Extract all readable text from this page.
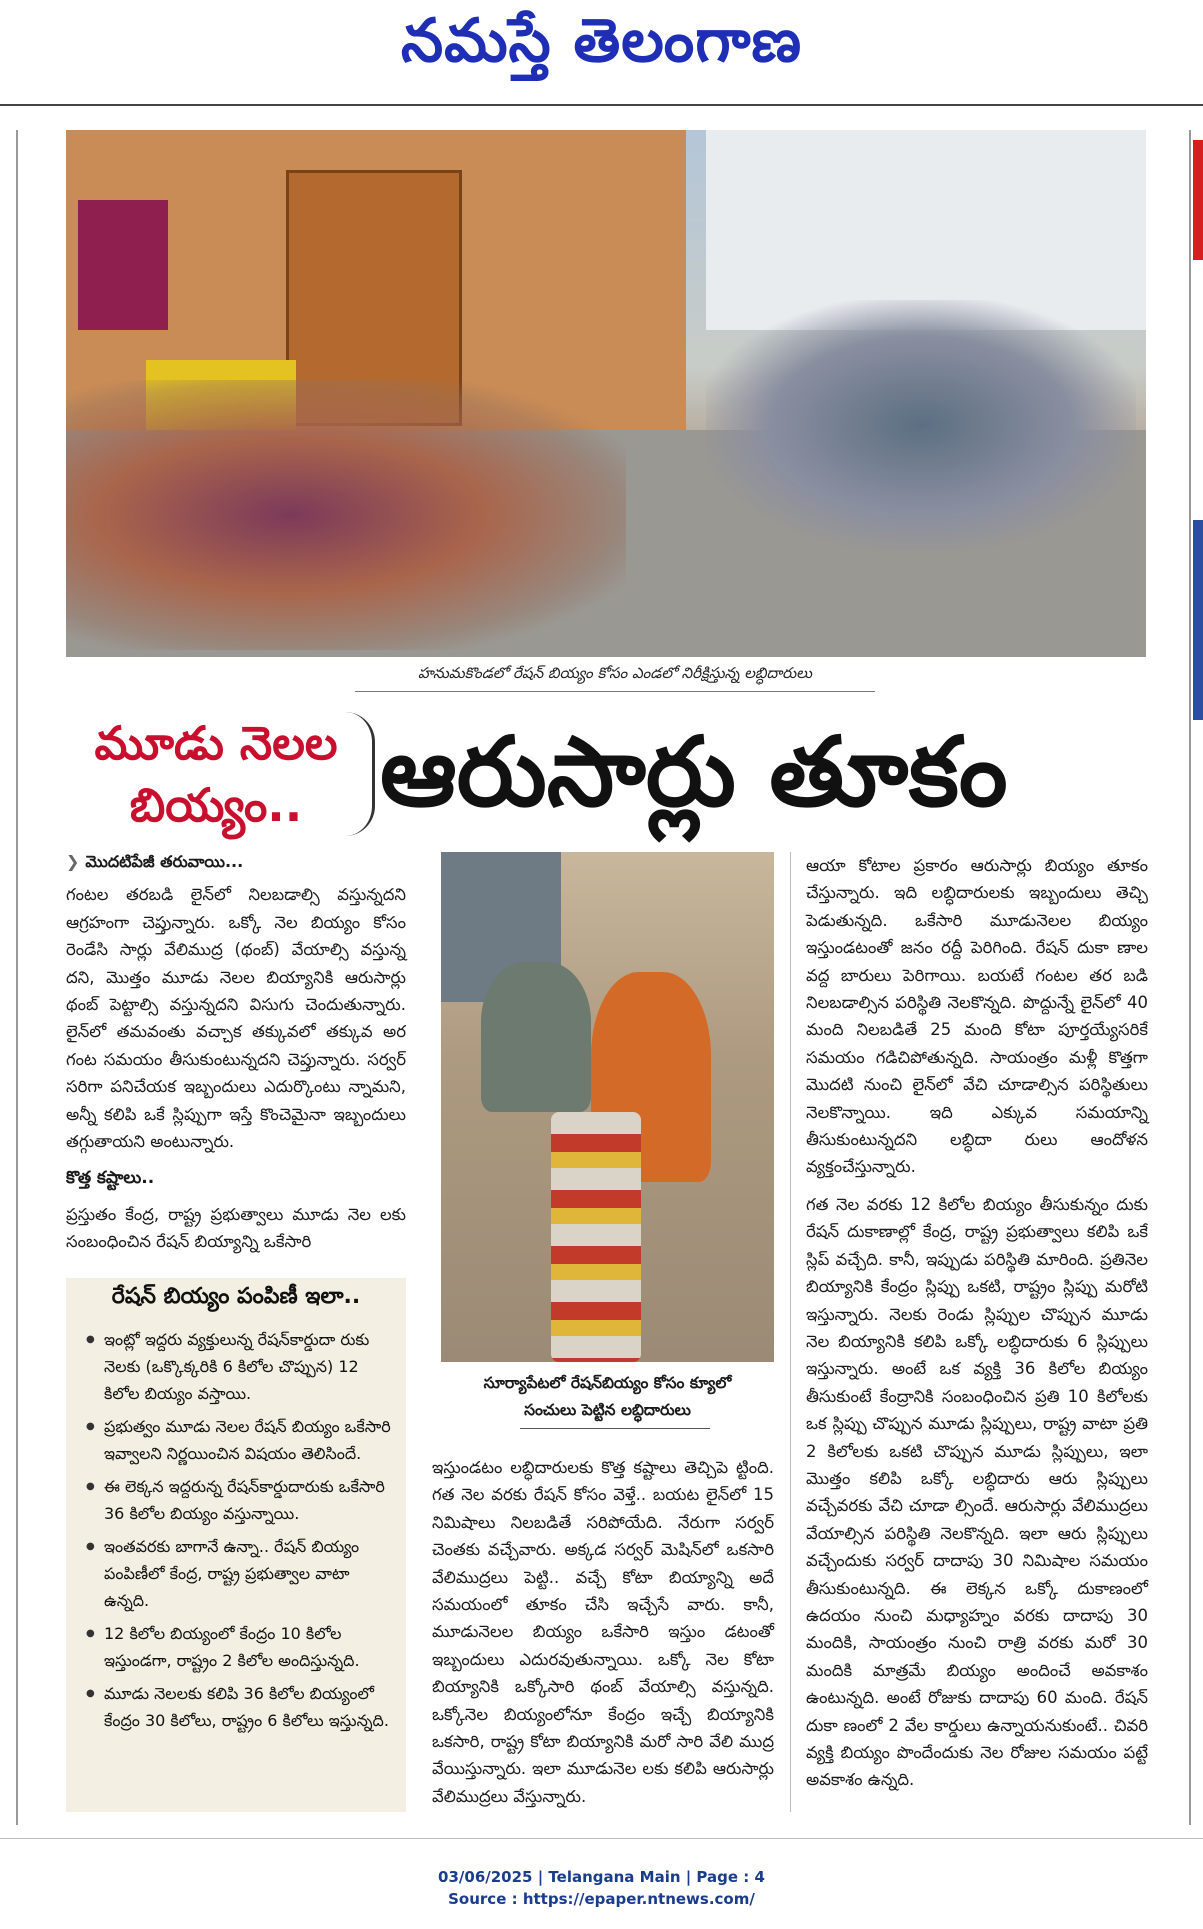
నమస్తే తెలంగాణ
హనుమకొండలో రేషన్‌ బియ్యం కోసం ఎండలో నిరీక్షిస్తున్న లబ్ధిదారులు
మూడు నెలల
బియ్యం.. ఆరుసార్లు తూకం
❯ మొదటిపేజీ తరువాయి...

గంటల తరబడి లైన్‌లో నిలబడాల్సి వస్తున్నదని ఆగ్రహంగా చెప్తున్నారు. ఒక్కో నెల బియ్యం కోసం రెండేసి సార్లు వేలిముద్ర (థంబ్‌) వేయాల్సి వస్తున్న దని, మొత్తం మూడు నెలల బియ్యానికి ఆరుసార్లు థంబ్‌ పెట్టాల్సి వస్తున్నదని విసుగు చెందుతున్నారు. లైన్‌లో తమవంతు వచ్చాక తక్కువలో తక్కువ అర గంట సమయం తీసుకుంటున్నదని చెప్తున్నారు. సర్వర్‌ సరిగా పనిచేయక ఇబ్బందులు ఎదుర్కొంటు న్నామని, అన్నీ కలిపి ఒకే స్లిప్పుగా ఇస్తే కొంచెమైనా ఇబ్బందులు తగ్గుతాయని అంటున్నారు.

కొత్త కష్టాలు..

ప్రస్తుతం కేంద్ర, రాష్ట్ర ప్రభుత్వాలు మూడు నెల లకు సంబంధించిన రేషన్‌ బియ్యాన్ని ఒకేసారి

రేషన్‌ బియ్యం పంపిణీ ఇలా..
● ఇంట్లో ఇద్దరు వ్యక్తులున్న రేషన్‌కార్డుదా రుకు నెలకు (ఒక్కొక్కరికి 6 కిలోల చొప్పున) 12 కిలోల బియ్యం వస్తాయి.
● ప్రభుత్వం మూడు నెలల రేషన్‌ బియ్యం ఒకేసారి ఇవ్వాలని నిర్ణయించిన విషయం తెలిసిందే.
● ఈ లెక్కన ఇద్దరున్న రేషన్‌కార్డుదారుకు ఒకేసారి 36 కిలోల బియ్యం వస్తున్నాయి.
● ఇంతవరకు బాగానే ఉన్నా.. రేషన్‌ బియ్యం పంపిణీలో కేంద్ర, రాష్ట్ర ప్రభుత్వాల వాటా ఉన్నది.
● 12 కిలోల బియ్యంలో కేంద్రం 10 కిలోల ఇస్తుండగా, రాష్ట్రం 2 కిలోల అందిస్తున్నది.
● మూడు నెలలకు కలిపి 36 కిలోల బియ్యంలో కేంద్రం 30 కిలోలు, రాష్ట్రం 6 కిలోలు ఇస్తున్నది.
సూర్యాపేటలో రేషన్‌బియ్యం కోసం క్యూలో
సంచులు పెట్టిన లబ్ధిదారులు

ఇస్తుండటం లబ్ధిదారులకు కొత్త కష్టాలు తెచ్చిపె ట్టింది. గత నెల వరకు రేషన్‌ కోసం వెళ్తే.. బయట లైన్‌లో 15 నిమిషాలు నిలబడితే సరిపోయేది. నేరుగా సర్వర్‌ చెంతకు వచ్చేవారు. అక్కడ సర్వర్‌ మెషిన్‌లో ఒకసారి వేలిముద్రలు పెట్టి.. వచ్చే కోటా బియ్యాన్ని అదే సమయంలో తూకం చేసి ఇచ్చేసే వారు. కానీ, మూడునెలల బియ్యం ఒకేసారి ఇస్తుం డటంతో ఇబ్బందులు ఎదురవుతున్నాయి. ఒక్కో నెల కోటా బియ్యానికి ఒక్కోసారి థంబ్‌ వేయాల్సి వస్తున్నది. ఒక్కోనెల బియ్యంలోనూ కేంద్రం ఇచ్చే బియ్యానికి ఒకసారి, రాష్ట్ర కోటా బియ్యానికి మరో సారి వేలి ముద్ర వేయిస్తున్నారు. ఇలా మూడునెల లకు కలిపి ఆరుసార్లు వేలిముద్రలు వేస్తున్నారు.

ఆయా కోటాల ప్రకారం ఆరుసార్లు బియ్యం తూకం చేస్తున్నారు. ఇది లబ్ధిదారులకు ఇబ్బందులు తెచ్చి పెడుతున్నది. ఒకేసారి మూడునెలల బియ్యం ఇస్తుండటంతో జనం రద్దీ పెరిగింది. రేషన్‌ దుకా ణాల వద్ద బారులు పెరిగాయి. బయటే గంటల తర బడి నిలబడాల్సిన పరిస్థితి నెలకొన్నది. పొద్దున్నే లైన్‌లో 40 మంది నిలబడితే 25 మంది కోటా పూర్తయ్యేసరికే సమయం గడిచిపోతున్నది. సాయంత్రం మళ్లీ కొత్తగా మొదటి నుంచి లైన్‌లో వేచి చూడాల్సిన పరిస్థితులు నెలకొన్నాయి. ఇది ఎక్కువ సమయాన్ని తీసుకుంటున్నదని లబ్ధిదా రులు ఆందోళన వ్యక్తంచేస్తున్నారు.

గత నెల వరకు 12 కిలోల బియ్యం తీసుకున్నం దుకు రేషన్‌ దుకాణాల్లో కేంద్ర, రాష్ట్ర ప్రభుత్వాలు కలిపి ఒకే స్లిప్‌ వచ్చేది. కానీ, ఇప్పుడు పరిస్థితి మారింది. ప్రతినెల బియ్యానికి కేంద్రం స్లిప్పు ఒకటి, రాష్ట్రం స్లిప్పు మరోటి ఇస్తున్నారు. నెలకు రెండు స్లిప్పుల చొప్పున మూడు నెల బియ్యానికి కలిపి ఒక్కో లబ్ధిదారుకు 6 స్లిప్పులు ఇస్తున్నారు. అంటే ఒక వ్యక్తి 36 కిలోల బియ్యం తీసుకుంటే కేంద్రానికి సంబంధించిన ప్రతి 10 కిలోలకు ఒక స్లిప్పు చొప్పున మూడు స్లిప్పులు, రాష్ట్ర వాటా ప్రతి 2 కిలోలకు ఒకటి చొప్పున మూడు స్లిప్పులు, ఇలా మొత్తం కలిపి ఒక్కో లబ్ధిదారు ఆరు స్లిప్పులు వచ్చేవరకు వేచి చూడా ల్సిందే. ఆరుసార్లు వేలిముద్రలు వేయాల్సిన పరిస్థితి నెలకొన్నది. ఇలా ఆరు స్లిప్పులు వచ్చేందుకు సర్వర్‌ దాదాపు 30 నిమిషాల సమయం తీసుకుంటున్నది. ఈ లెక్కన ఒక్కో దుకాణంలో ఉదయం నుంచి మధ్యాహ్నం వరకు దాదాపు 30 మందికి, సాయంత్రం నుంచి రాత్రి వరకు మరో 30 మందికి మాత్రమే బియ్యం అందించే అవకాశం ఉంటున్నది. అంటే రోజుకు దాదాపు 60 మంది. రేషన్‌ దుకా ణంలో 2 వేల కార్డులు ఉన్నాయనుకుంటే.. చివరి వ్యక్తి బియ్యం పొందేందుకు నెల రోజుల సమయం పట్టే అవకాశం ఉన్నది.

03/06/2025 | Telangana Main | Page : 4
Source : https://epaper.ntnews.com/
